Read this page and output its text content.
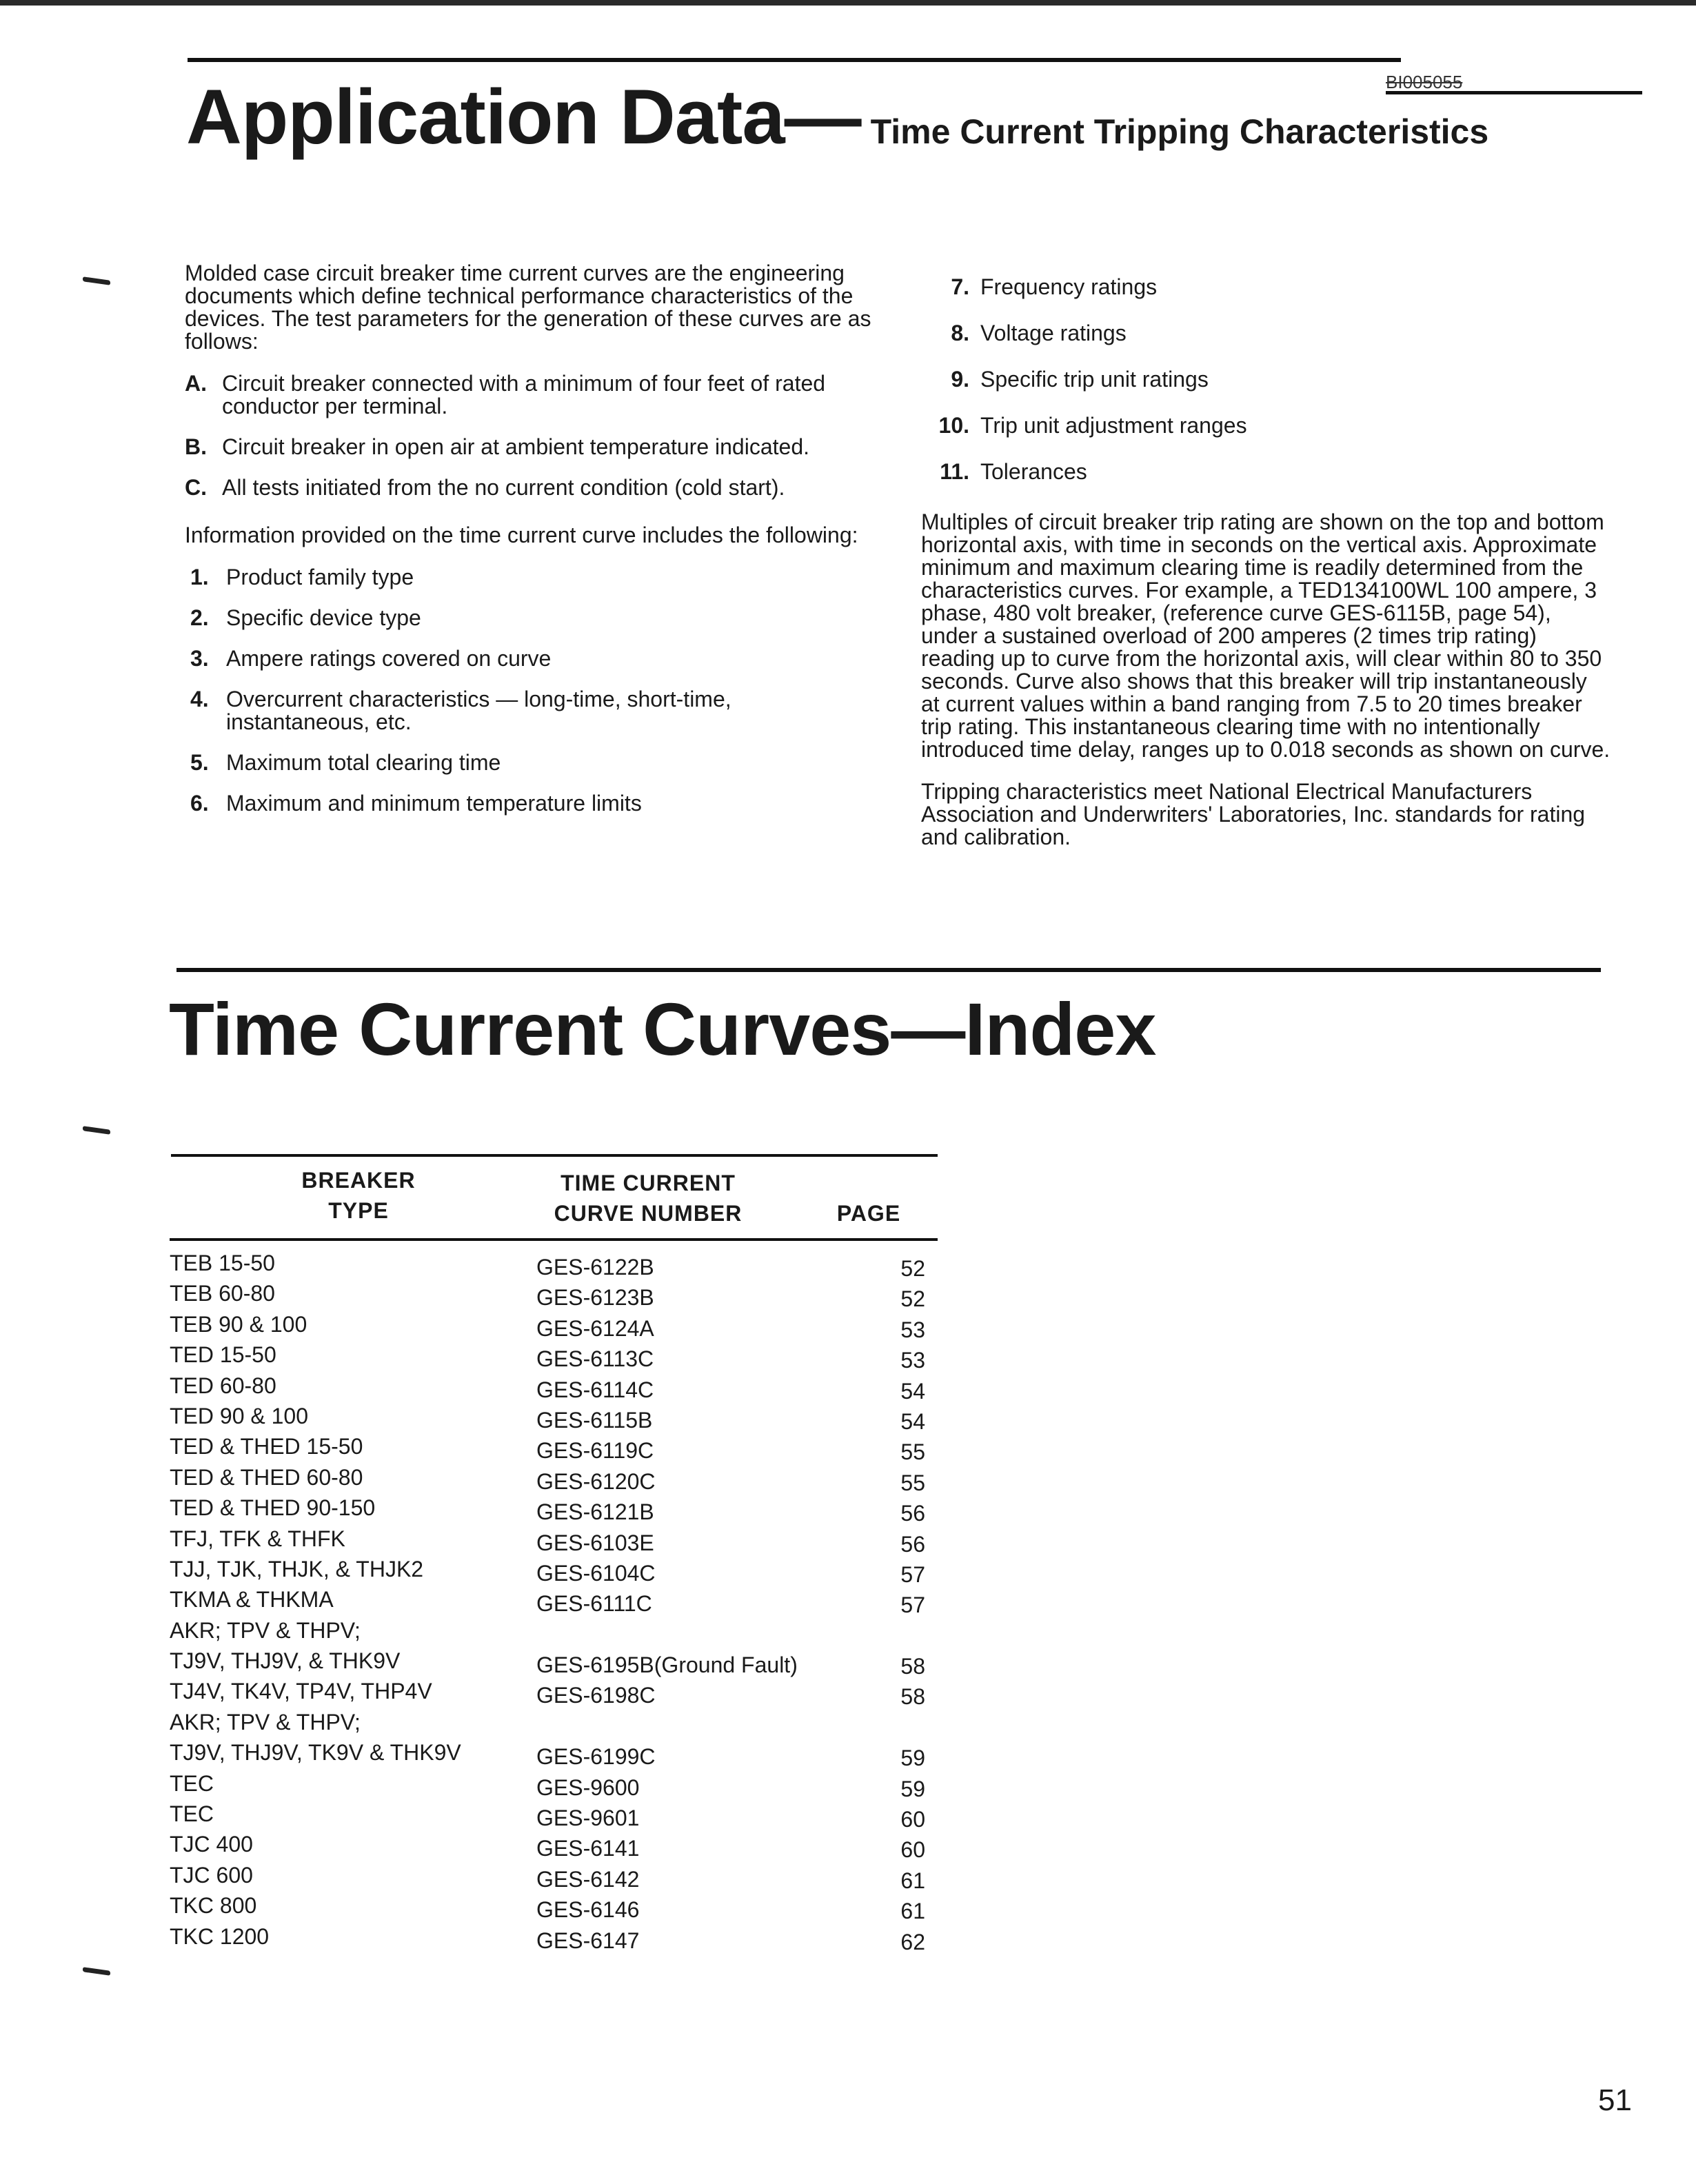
BI005055
Application Data— Time Current Tripping Characteristics

Molded case circuit breaker time current curves are the engineering documents which define technical performance characteristics of the devices. The test parameters for the generation of these curves are as follows:

A. Circuit breaker connected with a minimum of four feet of rated conductor per terminal.
B. Circuit breaker in open air at ambient temperature indicated.
C. All tests initiated from the no current condition (cold start).

Information provided on the time current curve includes the following:

1. Product family type
2. Specific device type
3. Ampere ratings covered on curve
4. Overcurrent characteristics — long-time, short-time, instantaneous, etc.
5. Maximum total clearing time
6. Maximum and minimum temperature limits
7. Frequency ratings
8. Voltage ratings
9. Specific trip unit ratings
10. Trip unit adjustment ranges
11. Tolerances

Multiples of circuit breaker trip rating are shown on the top and bottom horizontal axis, with time in seconds on the vertical axis. Approximate minimum and maximum clearing time is readily determined from the characteristics curves. For example, a TED134100WL 100 ampere, 3 phase, 480 volt breaker, (reference curve GES-6115B, page 54), under a sustained overload of 200 amperes (2 times trip rating) reading up to curve from the horizontal axis, will clear within 80 to 350 seconds. Curve also shows that this breaker will trip instantaneously at current values within a band ranging from 7.5 to 20 times breaker trip rating. This instantaneous clearing time with no intentionally introduced time delay, ranges up to 0.018 seconds as shown on curve.

Tripping characteristics meet National Electrical Manufacturers Association and Underwriters' Laboratories, Inc. standards for rating and calibration.

Time Current Curves—Index
BREAKER
TYPE
TIME CURRENT
CURVE NUMBER	PAGE
TEB 15-50	GES-6122B	52
TEB 60-80	GES-6123B	52
TEB 90 & 100	GES-6124A	53
TED 15-50	GES-6113C	53
TED 60-80	GES-6114C	54
TED 90 & 100	GES-6115B	54
TED & THED 15-50	GES-6119C	55
TED & THED 60-80	GES-6120C	55
TED & THED 90-150	GES-6121B	56
TFJ, TFK & THFK	GES-6103E	56
TJJ, TJK, THJK, & THJK2	GES-6104C	57
TKMA & THKMA	GES-6111C	57
AKR; TPV & THPV;
TJ9V, THJ9V, & THK9V	GES-6195B(Ground Fault)	58
TJ4V, TK4V, TP4V, THP4V	GES-6198C	58
AKR; TPV & THPV;
TJ9V, THJ9V, TK9V & THK9V	GES-6199C	59
TEC	GES-9600	59
TEC	GES-9601	60
TJC 400	GES-6141	60
TJC 600	GES-6142	61
TKC 800	GES-6146	61
TKC 1200	GES-6147	62
51
